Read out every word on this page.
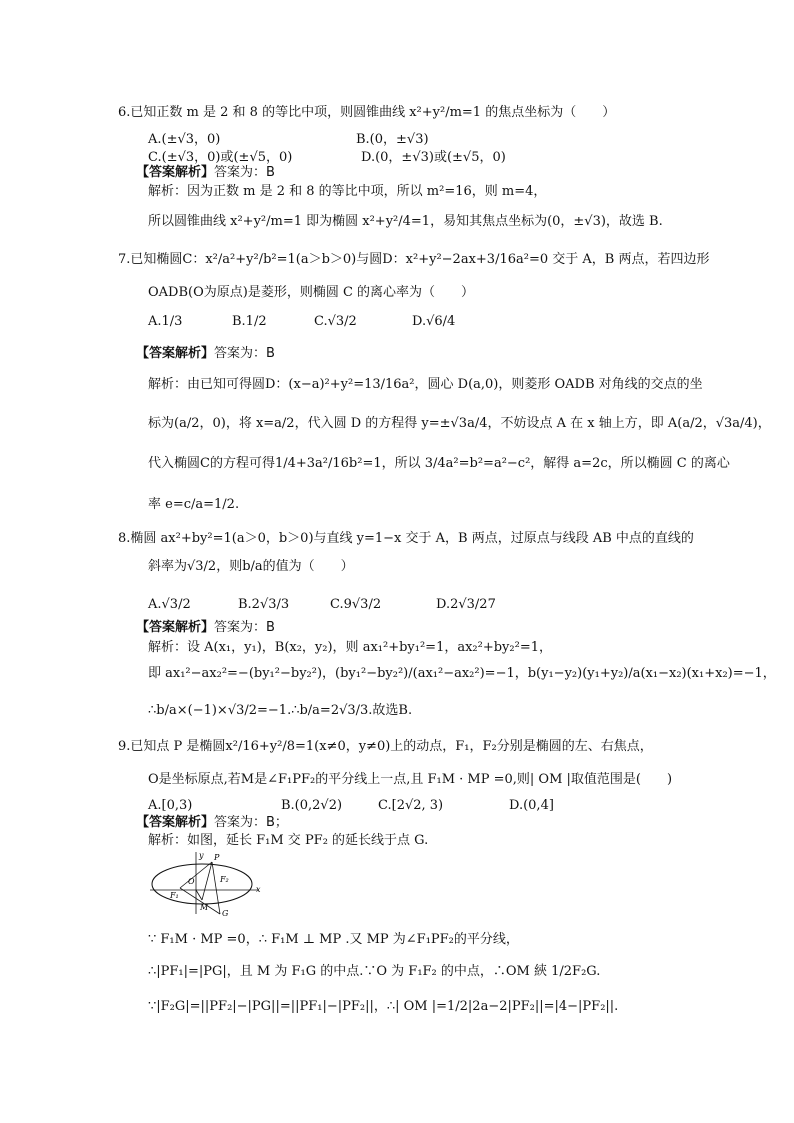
6.已知正数 m 是 2 和 8 的等比中项，则圆锥曲线 x²+y²/m=1 的焦点坐标为（　　）
A.(±√3，0)	B.(0，±√3)
C.(±√3，0)或(±√5，0)	D.(0，±√3)或(±√5，0)
【答案解析】答案为：B
解析：因为正数 m 是 2 和 8 的等比中项，所以 m²=16，则 m=4，
所以圆锥曲线 x²+y²/m=1 即为椭圆 x²+y²/4=1，易知其焦点坐标为(0，±√3)，故选 B.
7.已知椭圆C：x²/a²+y²/b²=1(a＞b＞0)与圆D：x²+y²−2ax+3/16a²=0 交于 A，B 两点，若四边形
OADB(O为原点)是菱形，则椭圆 C 的离心率为（　　）
A.1/3	B.1/2	C.√3/2	D.√6/4
【答案解析】答案为：B
解析：由已知可得圆D：(x−a)²+y²=13/16a²，圆心 D(a,0)，则菱形 OADB 对角线的交点的坐
标为(a/2，0)，将 x=a/2，代入圆 D 的方程得 y=±√3a/4，不妨设点 A 在 x 轴上方，即 A(a/2，√3a/4)，
代入椭圆C的方程可得1/4+3a²/16b²=1，所以 3/4a²=b²=a²−c²，解得 a=2c，所以椭圆 C 的离心
率 e=c/a=1/2.
8.椭圆 ax²+by²=1(a＞0，b＞0)与直线 y=1−x 交于 A，B 两点，过原点与线段 AB 中点的直线的
斜率为√3/2，则b/a的值为（　　）
A.√3/2	B.2√3/3	C.9√3/2	D.2√3/27
【答案解析】答案为：B
解析：设 A(x₁，y₁)，B(x₂，y₂)，则 ax₁²+by₁²=1，ax₂²+by₂²=1，
即 ax₁²−ax₂²=−(by₁²−by₂²)，(by₁²−by₂²)/(ax₁²−ax₂²)=−1，b(y₁−y₂)(y₁+y₂)/a(x₁−x₂)(x₁+x₂)=−1，
∴b/a×(−1)×√3/2=−1.∴b/a=2√3/3.故选B.
9.已知点 P 是椭圆x²/16+y²/8=1(x≠0，y≠0)上的动点，F₁，F₂分别是椭圆的左、右焦点，
O是坐标原点,若M是∠F₁PF₂的平分线上一点,且 F₁M · MP =0,则| OM |取值范围是(　　)
A.[0,3)	B.(0,2√2)	C.[2√2, 3)	D.(0,4]
【答案解析】答案为：B；
解析：如图，延长 F₁M 交 PF₂ 的延长线于点 G.
y P
O	F₂
F₁
M
G
x
∵ F₁M · MP =0，∴ F₁M ⊥ MP .又 MP 为∠F₁PF₂的平分线，
∴|PF₁|=|PG|，且 M 为 F₁G 的中点.∵O 为 F₁F₂ 的中点，∴OM 綊 1/2F₂G.
∵|F₂G|=||PF₂|−|PG||=||PF₁|−|PF₂||，∴| OM |=1/2|2a−2|PF₂||=|4−|PF₂||.
